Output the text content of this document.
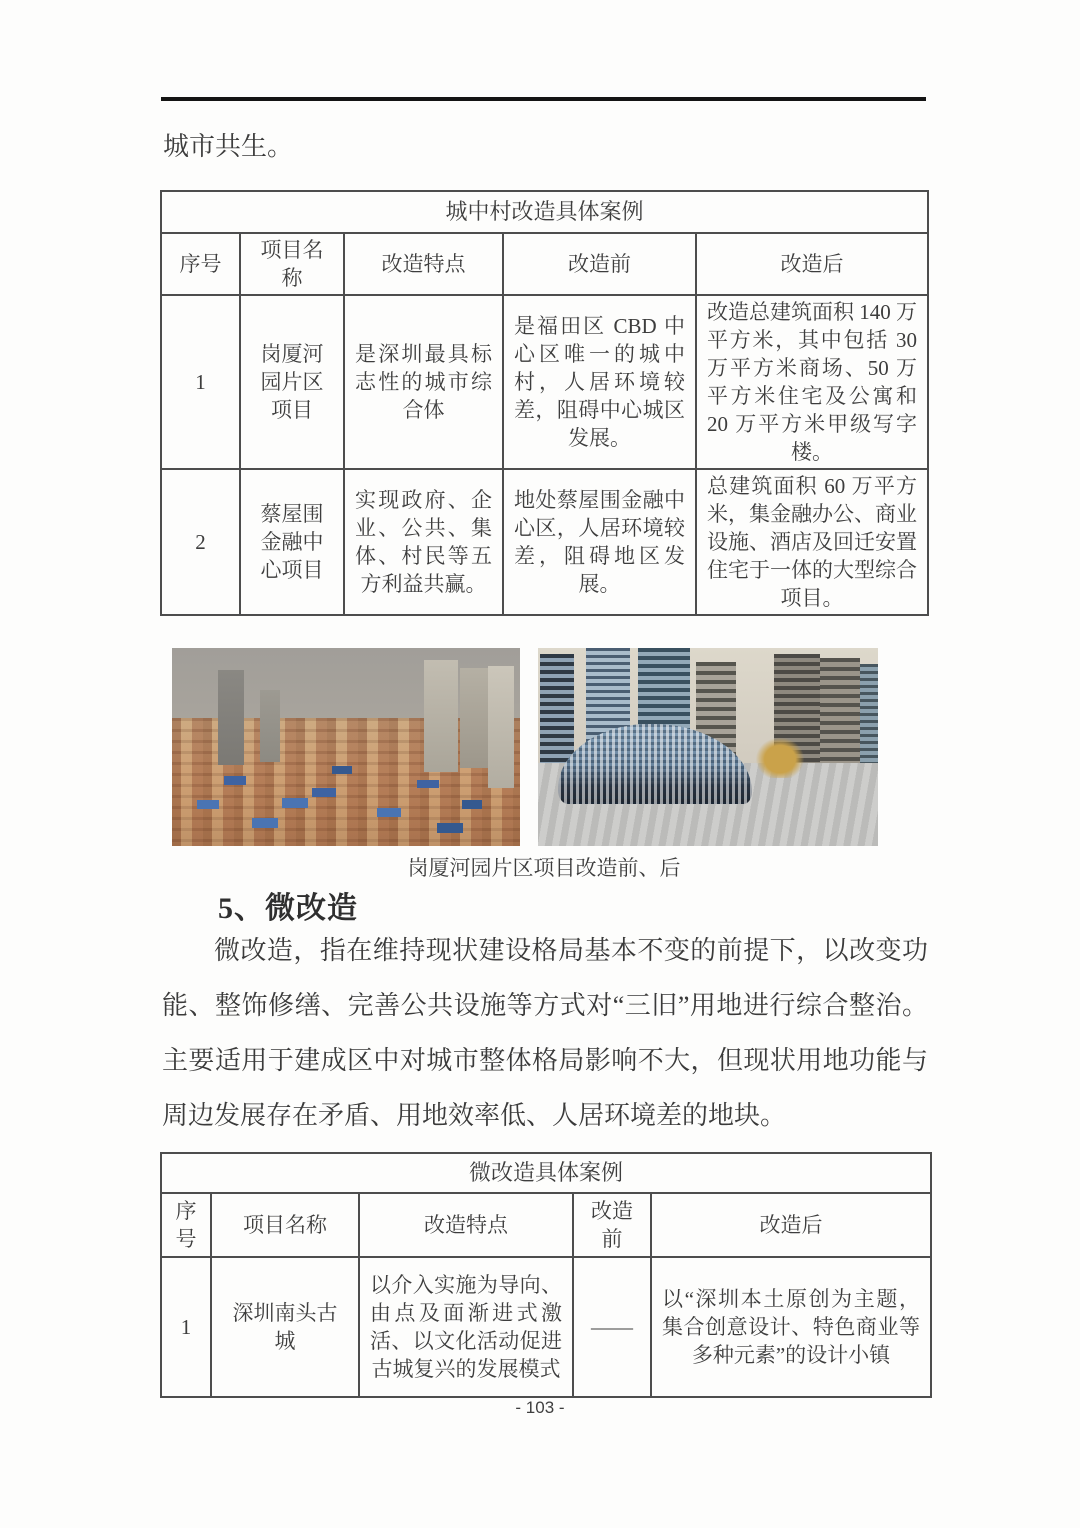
城市共生。
城中村改造具体案例				
序号	项目名称	改造特点	改造前	改造后
1	岗厦河园片区项目	是深圳最具标志性的城市综合体	是福田区 CBD 中心区唯一的城中村，人居环境较差，阻碍中心城区发展。	改造总建筑面积 140 万平方米，其中包括 30 万平方米商场、50 万平方米住宅及公寓和 20 万平方米甲级写字楼。
2	蔡屋围金融中心项目	实现政府、企业、公共、集体、村民等五方利益共赢。	地处蔡屋围金融中心区，人居环境较差，阻碍地区发展。	总建筑面积 60 万平方米，集金融办公、商业设施、酒店及回迁安置住宅于一体的大型综合项目。
岗厦河园片区项目改造前、后
5、微改造
微改造，指在维持现状建设格局基本不变的前提下，以改变功能、整饰修缮、完善公共设施等方式对“三旧”用地进行综合整治。主要适用于建成区中对城市整体格局影响不大，但现状用地功能与周边发展存在矛盾、用地效率低、人居环境差的地块。
微改造具体案例				
序号	项目名称	改造特点	改造前	改造后
1	深圳南头古城	以介入实施为导向、由点及面渐进式激活、以文化活动促进古城复兴的发展模式	——	以“深圳本土原创为主题，集合创意设计、特色商业等多种元素”的设计小镇
- 103 -
